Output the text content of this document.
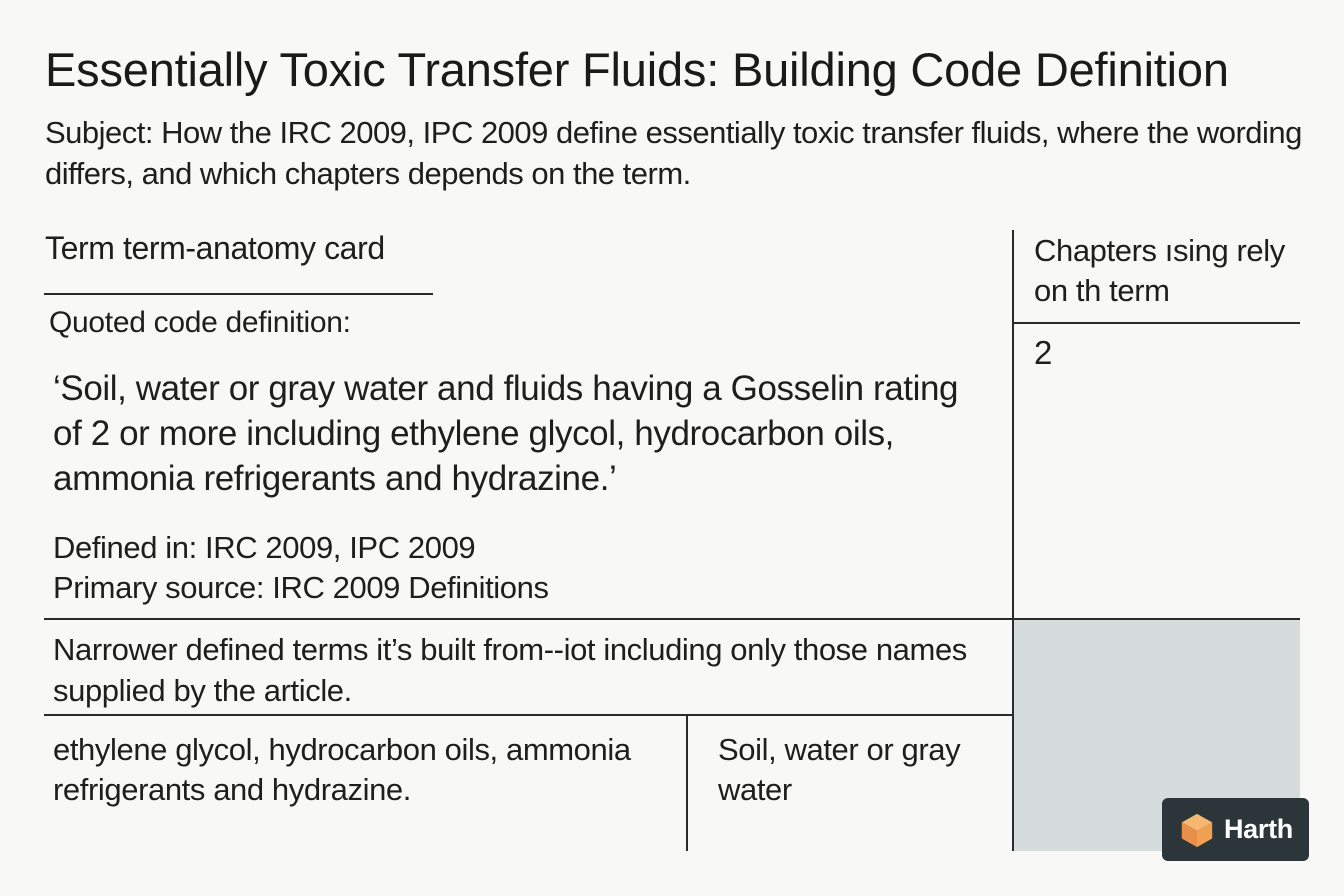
Essentially Toxic Transfer Fluids: Building Code Definition

Subject: How the IRC 2009, IPC 2009 define essentially toxic transfer fluids, where the wording differs, and which chapters depends on the term.

Term term-anatomy card
Quoted code definition:

‘Soil, water or gray water and fluids having a Gosselin rating of 2 or more including ethylene glycol, hydrocarbon oils, ammonia refrigerants and hydrazine.’

Defined in: IRC 2009, IPC 2009
Primary source: IRC 2009 Definitions
Chapters ısing rely on th term
2
Narrower defined terms it’s built from--iot including only those names supplied by the article.
ethylene glycol, hydrocarbon oils, ammonia refrigerants and hydrazine.
Soil, water or gray water
Harth
